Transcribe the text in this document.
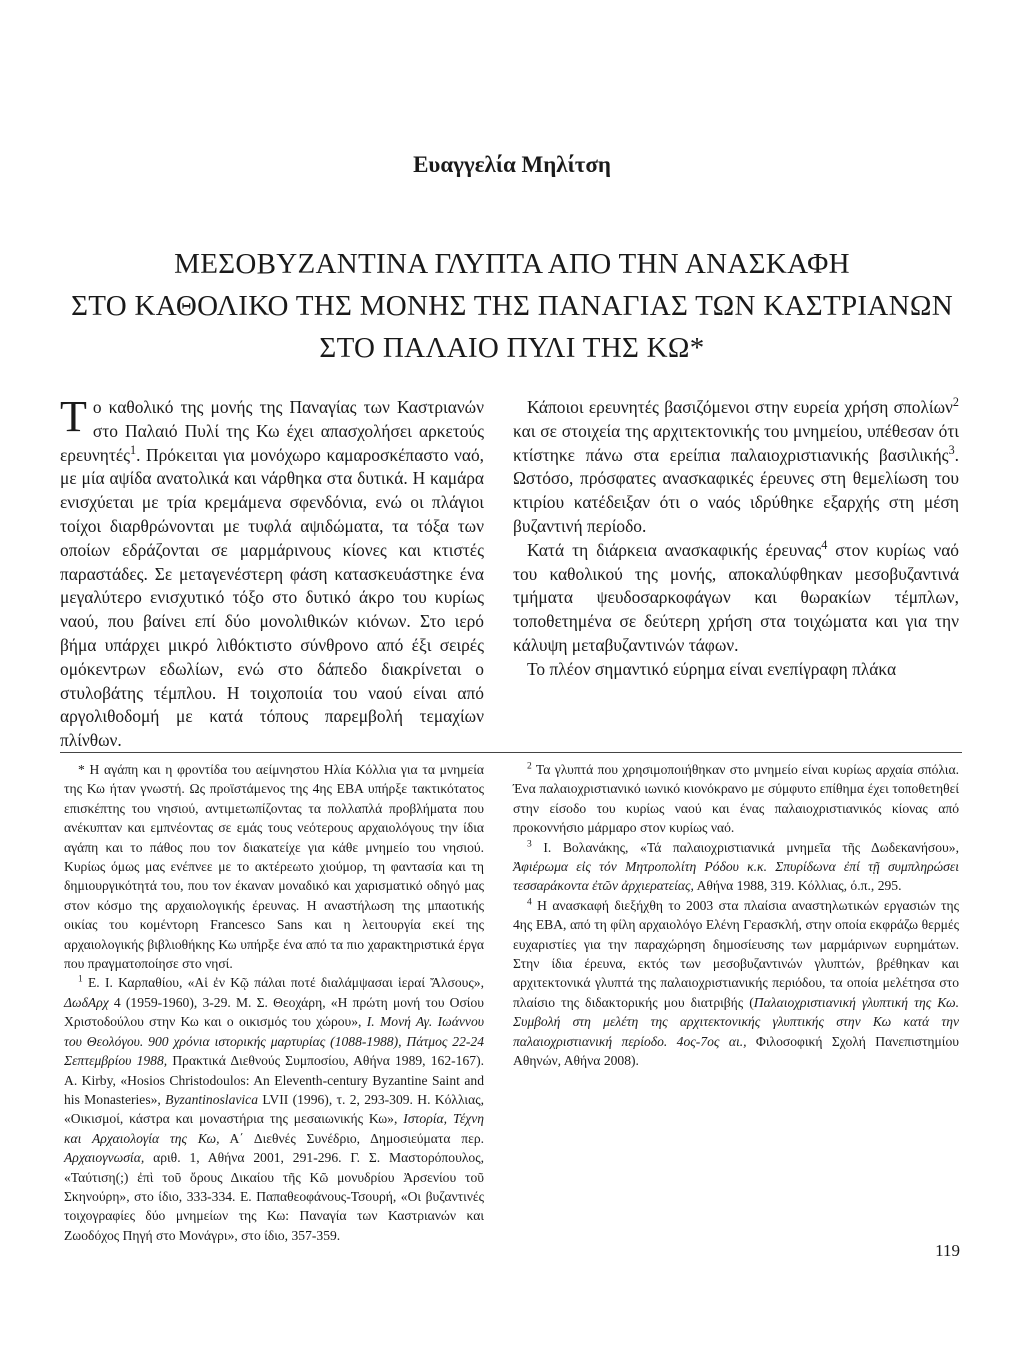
Ευαγγελία Μηλίτση
ΜΕΣΟΒΥΖΑΝΤΙΝΑ ΓΛΥΠΤΑ ΑΠΟ ΤΗΝ ΑΝΑΣΚΑΦΗ
ΣΤΟ ΚΑΘΟΛΙΚΟ ΤΗΣ ΜΟΝΗΣ ΤΗΣ ΠΑΝΑΓΙΑΣ ΤΩΝ ΚΑΣΤΡΙΑΝΩΝ
ΣΤΟ ΠΑΛΑΙΟ ΠΥΛΙ ΤΗΣ ΚΩ*

Το καθολικό της μονής της Παναγίας των Καστριανών στο Παλαιό Πυλί της Κω έχει απασχολήσει αρκετούς ερευνητές$^1$. Πρόκειται για μονόχωρο καμαροσκέπαστο ναό, με μία αψίδα ανατολικά και νάρθηκα στα δυτικά. Η καμάρα ενισχύεται με τρία κρεμάμενα σφενδόνια, ενώ οι πλάγιοι τοίχοι διαρθρώνονται με τυφλά αψιδώματα, τα τόξα των οποίων εδράζονται σε μαρμάρινους κίονες και κτιστές παραστάδες. Σε μεταγενέστερη φάση κατασκευάστηκε ένα μεγαλύτερο ενισχυτικό τόξο στο δυτικό άκρο του κυρίως ναού, που βαίνει επί δύο μονολιθικών κιόνων. Στο ιερό βήμα υπάρχει μικρό λιθόκτιστο σύνθρονο από έξι σειρές ομόκεντρων εδωλίων, ενώ στο δάπεδο διακρίνεται ο στυλοβάτης τέμπλου. Η τοιχοποιία του ναού είναι από αργολιθοδομή με κατά τόπους παρεμβολή τεμαχίων πλίνθων.

Κάποιοι ερευνητές βασιζόμενοι στην ευρεία χρήση σπολίων$^2$ και σε στοιχεία της αρχιτεκτονικής του μνημείου, υπέθεσαν ότι κτίστηκε πάνω στα ερείπια παλαιοχριστιανικής βασιλικής$^3$. Ωστόσο, πρόσφατες ανασκαφικές έρευνες στη θεμελίωση του κτιρίου κατέδειξαν ότι ο ναός ιδρύθηκε εξαρχής στη μέση βυζαντινή περίοδο.

Κατά τη διάρκεια ανασκαφικής έρευνας$^4$ στον κυρίως ναό του καθολικού της μονής, αποκαλύφθηκαν μεσοβυζαντινά τμήματα ψευδοσαρκοφάγων και θωρακίων τέμπλων, τοποθετημένα σε δεύτερη χρήση στα τοιχώματα και για την κάλυψη μεταβυζαντινών τάφων.

Το πλέον σημαντικό εύρημα είναι ενεπίγραφη πλάκα

* Η αγάπη και η φροντίδα του αείμνηστου Ηλία Κόλλια για τα μνημεία της Κω ήταν γνωστή. Ως προϊστάμενος της 4ης ΕΒΑ υπήρξε τακτικότατος επισκέπτης του νησιού, αντιμετωπίζοντας τα πολλαπλά προβλήματα που ανέκυπταν και εμπνέοντας σε εμάς τους νεότερους αρχαιολόγους την ίδια αγάπη και το πάθος που τον διακατείχε για κάθε μνημείο του νησιού. Κυρίως όμως μας ενέπνεε με το ακτέρεωτο χιούμορ, τη φαντασία και τη δημιουργικότητά του, που τον έκαναν μοναδικό και χαρισματικό οδηγό μας στον κόσμο της αρχαιολογικής έρευνας. Η αναστήλωση της μπαοτικής οικίας του κομέντορη Francesco Sans και η λειτουργία εκεί της αρχαιολογικής βιβλιοθήκης Κω υπήρξε ένα από τα πιο χαρακτηριστικά έργα που πραγματοποίησε στο νησί.

$^1$ Ε. Ι. Καρπαθίου, «Αἱ ἐν Κῷ πάλαι ποτέ διαλάμψασαι ἱεραί Ἄλσους», ΔωδΑρχ 4 (1959-1960), 3-29. Μ. Σ. Θεοχάρη, «Η πρώτη μονή του Οσίου Χριστοδούλου στην Κω και ο οικισμός του χώρου», Ι. Μονή Αγ. Ιωάννου του Θεολόγου. 900 χρόνια ιστορικής μαρτυρίας (1088-1988), Πάτμος 22-24 Σεπτεμβρίου 1988, Πρακτικά Διεθνούς Συμποσίου, Αθήνα 1989, 162-167). A. Kirby, «Hosios Christodoulos: An Eleventh-century Byzantine Saint and his Monasteries», Byzantinoslavica LVII (1996), τ. 2, 293-309. Η. Κόλλιας, «Οικισμοί, κάστρα και μοναστήρια της μεσαιωνικής Κω», Ιστορία, Τέχνη και Αρχαιολογία της Κω, Α΄ Διεθνές Συνέδριο, Δημοσιεύματα περ. Αρχαιογνωσία, αριθ. 1, Αθήνα 2001, 291-296. Γ. Σ. Μαστορόπουλος, «Ταύτιση(;) ἐπὶ τοῦ ὄρους Δικαίου τῆς Κῶ μονυδρίου Ἀρσενίου τοῦ Σκηνούρη», στο ίδιο, 333-334. Ε. Παπαθεοφάνους-Τσουρή, «Οι βυζαντινές τοιχογραφίες δύο μνημείων της Κω: Παναγία των Καστριανών και Ζωοδόχος Πηγή στο Μονάγρι», στο ίδιο, 357-359.

$^2$ Τα γλυπτά που χρησιμοποιήθηκαν στο μνημείο είναι κυρίως αρχαία σπόλια. Ένα παλαιοχριστιανικό ιωνικό κιονόκρανο με σύμφυτο επίθημα έχει τοποθετηθεί στην είσοδο του κυρίως ναού και ένας παλαιοχριστιανικός κίονας από προκοννήσιο μάρμαρο στον κυρίως ναό.

$^3$ Ι. Βολανάκης, «Τά παλαιοχριστιανικά μνημεῖα τῆς Δωδεκανήσου», Ἀφιέρωμα εἰς τόν Μητροπολίτη Ρόδου κ.κ. Σπυρίδωνα ἐπί τῇ συμπληρώσει τεσσαράκοντα ἐτῶν ἀρχιερατείας, Αθήνα 1988, 319. Κόλλιας, ό.π., 295.

$^4$ Η ανασκαφή διεξήχθη το 2003 στα πλαίσια αναστηλωτικών εργασιών της 4ης ΕΒΑ, από τη φίλη αρχαιολόγο Ελένη Γερασκλή, στην οποία εκφράζω θερμές ευχαριστίες για την παραχώρηση δημοσίευσης των μαρμάρινων ευρημάτων. Στην ίδια έρευνα, εκτός των μεσοβυζαντινών γλυπτών, βρέθηκαν και αρχιτεκτονικά γλυπτά της παλαιοχριστιανικής περιόδου, τα οποία μελέτησα στο πλαίσιο της διδακτορικής μου διατριβής (Παλαιοχριστιανική γλυπτική της Κω. Συμβολή στη μελέτη της αρχιτεκτονικής γλυπτικής στην Κω κατά την παλαιοχριστιανική περίοδο. 4ος-7ος αι., Φιλοσοφική Σχολή Πανεπιστημίου Αθηνών, Αθήνα 2008).

119
